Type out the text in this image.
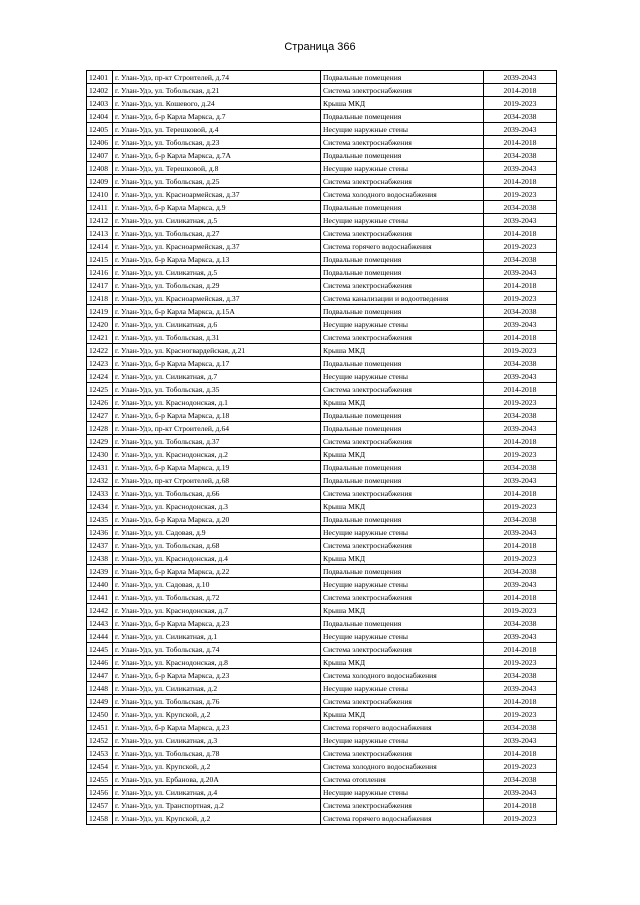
Страница 366
12401	г. Улан-Удэ, пр-кт Строителей, д.74	Подвальные помещения	2039-2043
12402	г. Улан-Удэ, ул. Тобольская, д.21	Система электроснабжения	2014-2018
12403	г. Улан-Удэ, ул. Кошевого, д.24	Крыша МКД	2019-2023
12404	г. Улан-Удэ, б-р Карла Маркса, д.7	Подвальные помещения	2034-2038
12405	г. Улан-Удэ, ул. Терешковой, д.4	Несущие наружные стены	2039-2043
12406	г. Улан-Удэ, ул. Тобольская, д.23	Система электроснабжения	2014-2018
12407	г. Улан-Удэ, б-р Карла Маркса, д.7А	Подвальные помещения	2034-2038
12408	г. Улан-Удэ, ул. Терешковой, д.8	Несущие наружные стены	2039-2043
12409	г. Улан-Удэ, ул. Тобольская, д.25	Система электроснабжения	2014-2018
12410	г. Улан-Удэ, ул. Красноармейская, д.37	Система холодного водоснабжения	2019-2023
12411	г. Улан-Удэ, б-р Карла Маркса, д.9	Подвальные помещения	2034-2038
12412	г. Улан-Удэ, ул. Силикатная, д.5	Несущие наружные стены	2039-2043
12413	г. Улан-Удэ, ул. Тобольская, д.27	Система электроснабжения	2014-2018
12414	г. Улан-Удэ, ул. Красноармейская, д.37	Система горячего водоснабжения	2019-2023
12415	г. Улан-Удэ, б-р Карла Маркса, д.13	Подвальные помещения	2034-2038
12416	г. Улан-Удэ, ул. Силикатная, д.5	Подвальные помещения	2039-2043
12417	г. Улан-Удэ, ул. Тобольская, д.29	Система электроснабжения	2014-2018
12418	г. Улан-Удэ, ул. Красноармейская, д.37	Система канализации и водоотведения	2019-2023
12419	г. Улан-Удэ, б-р Карла Маркса, д.15А	Подвальные помещения	2034-2038
12420	г. Улан-Удэ, ул. Силикатная, д.6	Несущие наружные стены	2039-2043
12421	г. Улан-Удэ, ул. Тобольская, д.31	Система электроснабжения	2014-2018
12422	г. Улан-Удэ, ул. Красногвардейская, д.21	Крыша МКД	2019-2023
12423	г. Улан-Удэ, б-р Карла Маркса, д.17	Подвальные помещения	2034-2038
12424	г. Улан-Удэ, ул. Силикатная, д.7	Несущие наружные стены	2039-2043
12425	г. Улан-Удэ, ул. Тобольская, д.35	Система электроснабжения	2014-2018
12426	г. Улан-Удэ, ул. Краснодонская, д.1	Крыша МКД	2019-2023
12427	г. Улан-Удэ, б-р Карла Маркса, д.18	Подвальные помещения	2034-2038
12428	г. Улан-Удэ, пр-кт Строителей, д.64	Подвальные помещения	2039-2043
12429	г. Улан-Удэ, ул. Тобольская, д.37	Система электроснабжения	2014-2018
12430	г. Улан-Удэ, ул. Краснодонская, д.2	Крыша МКД	2019-2023
12431	г. Улан-Удэ, б-р Карла Маркса, д.19	Подвальные помещения	2034-2038
12432	г. Улан-Удэ, пр-кт Строителей, д.68	Подвальные помещения	2039-2043
12433	г. Улан-Удэ, ул. Тобольская, д.66	Система электроснабжения	2014-2018
12434	г. Улан-Удэ, ул. Краснодонская, д.3	Крыша МКД	2019-2023
12435	г. Улан-Удэ, б-р Карла Маркса, д.20	Подвальные помещения	2034-2038
12436	г. Улан-Удэ, ул. Садовая, д.9	Несущие наружные стены	2039-2043
12437	г. Улан-Удэ, ул. Тобольская, д.68	Система электроснабжения	2014-2018
12438	г. Улан-Удэ, ул. Краснодонская, д.4	Крыша МКД	2019-2023
12439	г. Улан-Удэ, б-р Карла Маркса, д.22	Подвальные помещения	2034-2038
12440	г. Улан-Удэ, ул. Садовая, д.10	Несущие наружные стены	2039-2043
12441	г. Улан-Удэ, ул. Тобольская, д.72	Система электроснабжения	2014-2018
12442	г. Улан-Удэ, ул. Краснодонская, д.7	Крыша МКД	2019-2023
12443	г. Улан-Удэ, б-р Карла Маркса, д.23	Подвальные помещения	2034-2038
12444	г. Улан-Удэ, ул. Силикатная, д.1	Несущие наружные стены	2039-2043
12445	г. Улан-Удэ, ул. Тобольская, д.74	Система электроснабжения	2014-2018
12446	г. Улан-Удэ, ул. Краснодонская, д.8	Крыша МКД	2019-2023
12447	г. Улан-Удэ, б-р Карла Маркса, д.23	Система холодного водоснабжения	2034-2038
12448	г. Улан-Удэ, ул. Силикатная, д.2	Несущие наружные стены	2039-2043
12449	г. Улан-Удэ, ул. Тобольская, д.76	Система электроснабжения	2014-2018
12450	г. Улан-Удэ, ул. Крупской, д.2	Крыша МКД	2019-2023
12451	г. Улан-Удэ, б-р Карла Маркса, д.23	Система горячего водоснабжения	2034-2038
12452	г. Улан-Удэ, ул. Силикатная, д.3	Несущие наружные стены	2039-2043
12453	г. Улан-Удэ, ул. Тобольская, д.78	Система электроснабжения	2014-2018
12454	г. Улан-Удэ, ул. Крупской, д.2	Система холодного водоснабжения	2019-2023
12455	г. Улан-Удэ, ул. Ербанова, д.20А	Система отопления	2034-2038
12456	г. Улан-Удэ, ул. Силикатная, д.4	Несущие наружные стены	2039-2043
12457	г. Улан-Удэ, ул. Транспортная, д.2	Система электроснабжения	2014-2018
12458	г. Улан-Удэ, ул. Крупской, д.2	Система горячего водоснабжения	2019-2023
